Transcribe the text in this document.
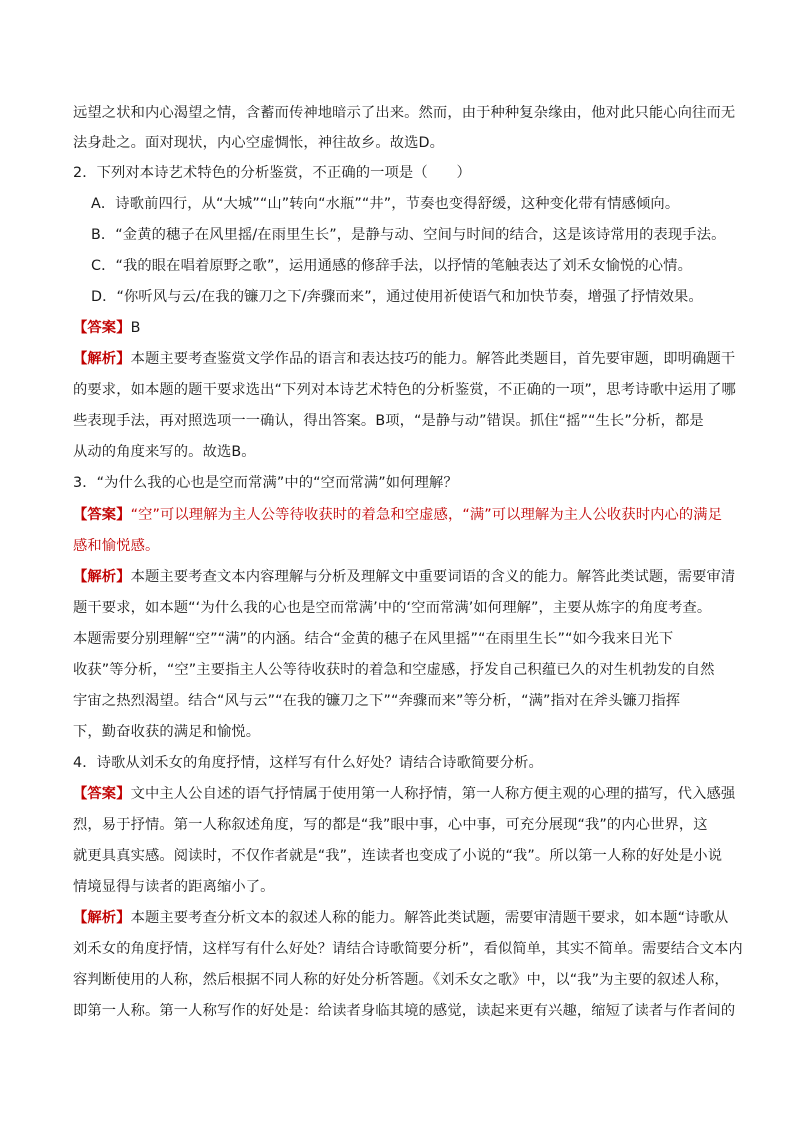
远望之状和内心渴望之情，含蓄而传神地暗示了出来。然而，由于种种复杂缘由，他对此只能心向往而无
法身赴之。面对现状，内心空虚惆怅，神往故乡。故选D。
2．下列对本诗艺术特色的分析鉴赏，不正确的一项是（　　）
A．诗歌前四行，从“大城”“山”转向“水瓶”“井”，节奏也变得舒缓，这种变化带有情感倾向。
B．“金黄的穗子在风里摇/在雨里生长”，是静与动、空间与时间的结合，这是该诗常用的表现手法。
C．“我的眼在唱着原野之歌”，运用通感的修辞手法，以抒情的笔触表达了刘禾女愉悦的心情。
D．“你听风与云/在我的镰刀之下/奔骤而来”，通过使用祈使语气和加快节奏，增强了抒情效果。
【答案】B
【解析】本题主要考查鉴赏文学作品的语言和表达技巧的能力。解答此类题目，首先要审题，即明确题干
的要求，如本题的题干要求选出“下列对本诗艺术特色的分析鉴赏，不正确的一项”，思考诗歌中运用了哪
些表现手法，再对照选项一一确认，得出答案。B项，“是静与动”错误。抓住“摇”“生长”分析，都是
从动的角度来写的。故选B。
3．“为什么我的心也是空而常满”中的“空而常满”如何理解？
【答案】“空”可以理解为主人公等待收获时的着急和空虚感，“满”可以理解为主人公收获时内心的满足
感和愉悦感。
【解析】本题主要考查文本内容理解与分析及理解文中重要词语的含义的能力。解答此类试题，需要审清
题干要求，如本题“‘为什么我的心也是空而常满’中的‘空而常满’如何理解”，主要从炼字的角度考查。
本题需要分别理解“空”“满”的内涵。结合“金黄的穗子在风里摇”“在雨里生长”“如今我来日光下
收获”等分析，“空”主要指主人公等待收获时的着急和空虚感，抒发自己积蕴已久的对生机勃发的自然
宇宙之热烈渴望。结合“风与云”“在我的镰刀之下”“奔骤而来”等分析，“满”指对在斧头镰刀指挥
下，勤奋收获的满足和愉悦。
4．诗歌从刘禾女的角度抒情，这样写有什么好处？请结合诗歌简要分析。
【答案】文中主人公自述的语气抒情属于使用第一人称抒情，第一人称方便主观的心理的描写，代入感强
烈，易于抒情。第一人称叙述角度，写的都是“我”眼中事，心中事，可充分展现“我”的内心世界，这
就更具真实感。阅读时，不仅作者就是“我”，连读者也变成了小说的“我”。所以第一人称的好处是小说
情境显得与读者的距离缩小了。
【解析】本题主要考查分析文本的叙述人称的能力。解答此类试题，需要审清题干要求，如本题“诗歌从
刘禾女的角度抒情，这样写有什么好处？请结合诗歌简要分析”，看似简单，其实不简单。需要结合文本内
容判断使用的人称，然后根据不同人称的好处分析答题。《刘禾女之歌》中，以“我”为主要的叙述人称，
即第一人称。第一人称写作的好处是：给读者身临其境的感觉，读起来更有兴趣，缩短了读者与作者间的
